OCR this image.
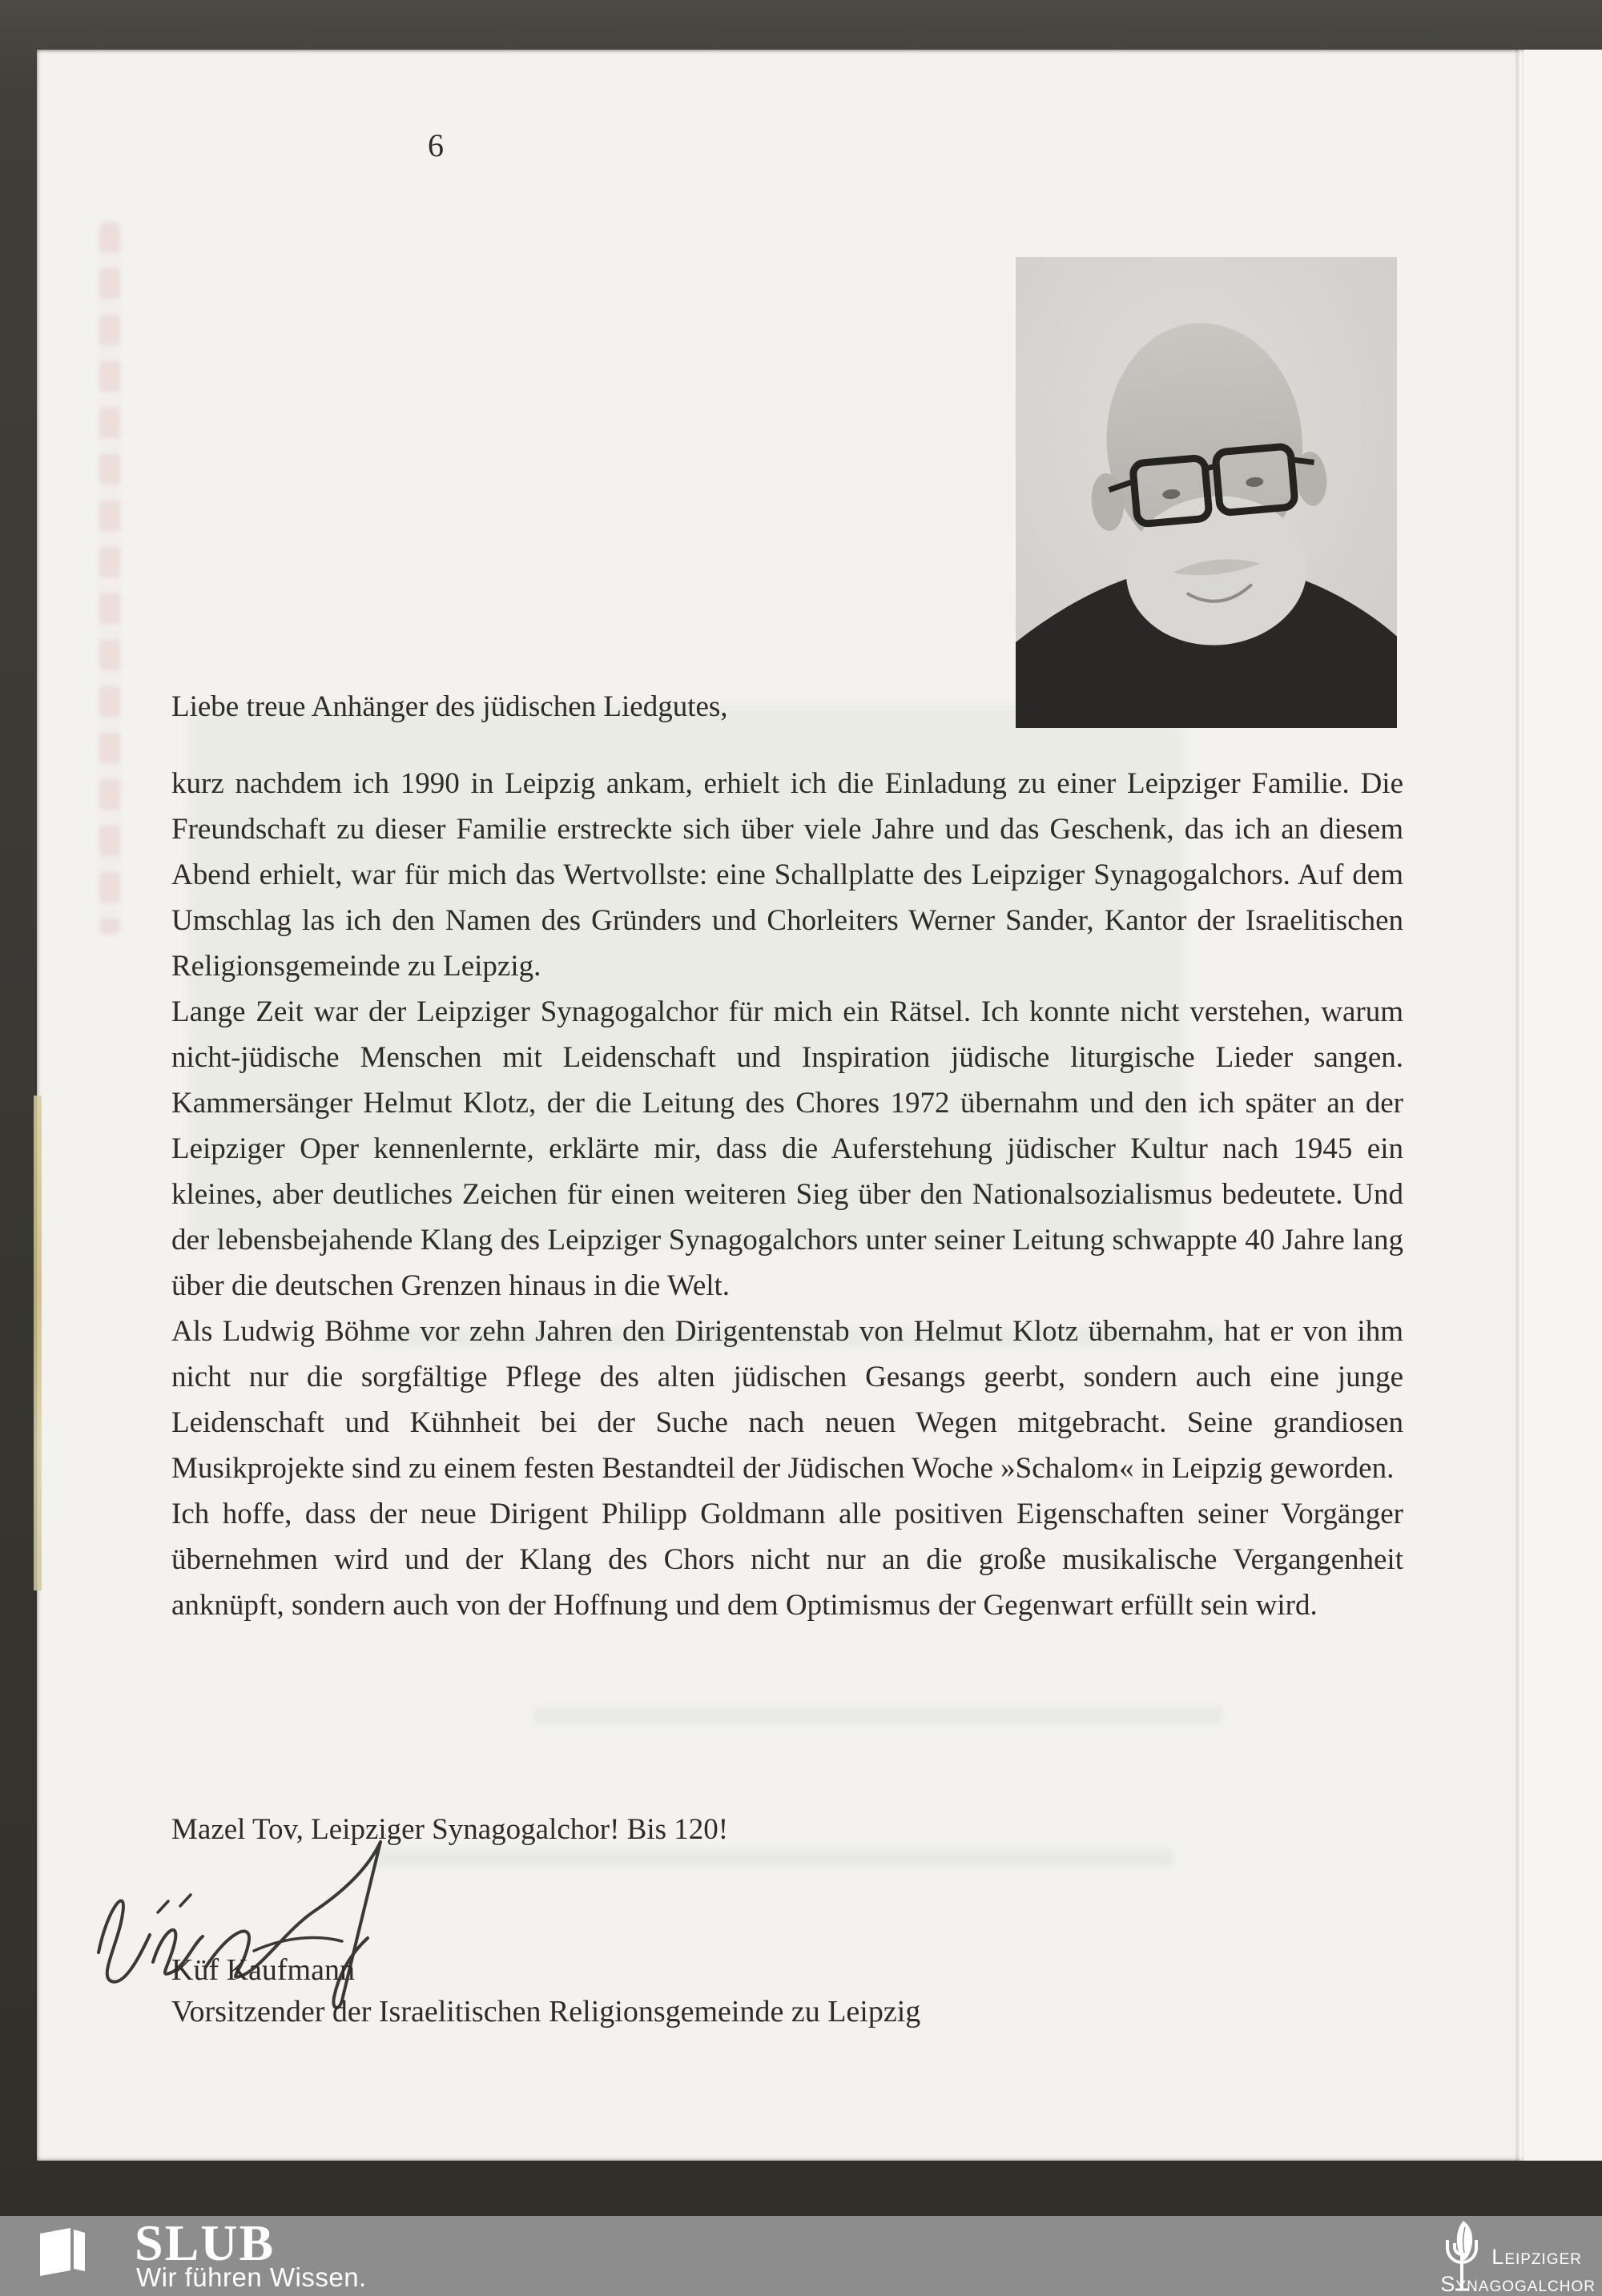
6
Liebe treue Anhänger des jüdischen Liedgutes,

kurz nachdem ich 1990 in Leipzig ankam, erhielt ich die Einladung zu einer Leipziger Familie. Die Freundschaft zu dieser Familie erstreckte sich über viele Jahre und das Geschenk, das ich an diesem Abend erhielt, war für mich das Wertvollste: eine Schallplatte des Leipziger Synagogalchors. Auf dem Umschlag las ich den Namen des Gründers und Chorleiters Werner Sander, Kantor der Israelitischen Religionsgemeinde zu Leipzig.

Lange Zeit war der Leipziger Synagogalchor für mich ein Rätsel. Ich konnte nicht verstehen, warum nicht-jüdische Menschen mit Leidenschaft und Inspiration jüdische liturgische Lieder sangen. Kammersänger Helmut Klotz, der die Leitung des Chores 1972 übernahm und den ich später an der Leipziger Oper kennenlernte, erklärte mir, dass die Auferstehung jüdischer Kultur nach 1945 ein kleines, aber deutliches Zeichen für einen weiteren Sieg über den Nationalsozialismus bedeutete. Und der lebensbejahende Klang des Leipziger Synagogalchors unter seiner Leitung schwappte 40 Jahre lang über die deutschen Grenzen hinaus in die Welt.

Als Ludwig Böhme vor zehn Jahren den Dirigentenstab von Helmut Klotz übernahm, hat er von ihm nicht nur die sorgfältige Pflege des alten jüdischen Gesangs geerbt, sondern auch eine junge Leidenschaft und Kühnheit bei der Suche nach neuen Wegen mitgebracht. Seine grandiosen Musikprojekte sind zu einem festen Bestandteil der Jüdischen Woche »Schalom« in Leipzig geworden.

Ich hoffe, dass der neue Dirigent Philipp Goldmann alle positiven Eigenschaften seiner Vorgänger übernehmen wird und der Klang des Chors nicht nur an die große musikalische Vergangenheit anknüpft, sondern auch von der Hoffnung und dem Optimismus der Gegenwart erfüllt sein wird.

Mazel Tov, Leipziger Synagogalchor! Bis 120!
Küf Kaufmann
Vorsitzender der Israelitischen Religionsgemeinde zu Leipzig
SLUB
Wir führen Wissen.
LEIPZIGER
SYNAGOGALCHOR
